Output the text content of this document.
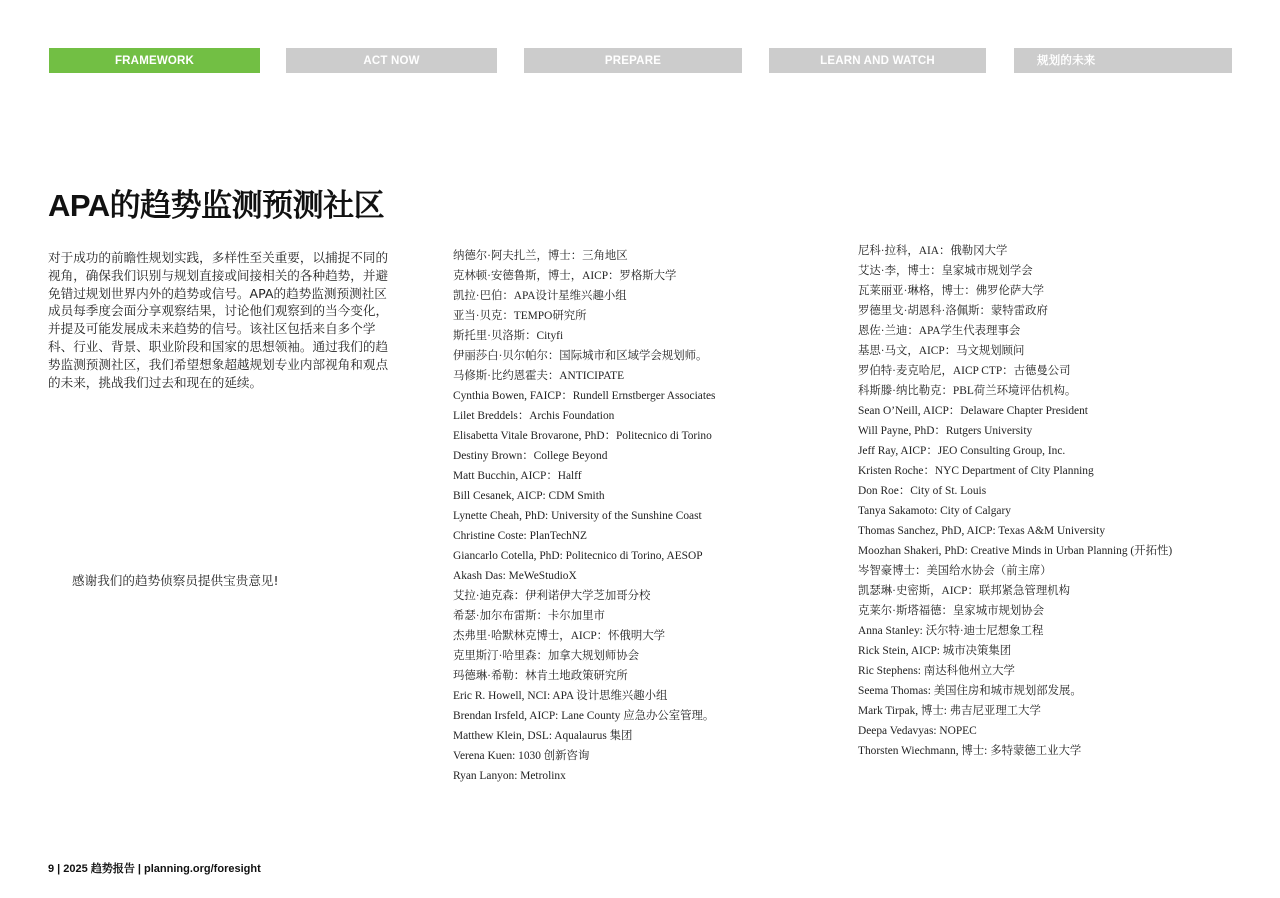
FRAMEWORK	ACT NOW	PREPARE	LEARN AND WATCH	规划的未来
APA的趋势监测预测社区

对于成功的前瞻性规划实践，多样性至关重要，以捕捉不同的视角，确保我们识别与规划直接或间接相关的各种趋势，并避免错过规划世界内外的趋势或信号。APA的趋势监测预测社区成员每季度会面分享观察结果，讨论他们观察到的当今变化，并提及可能发展成未来趋势的信号。该社区包括来自多个学科、行业、背景、职业阶段和国家的思想领袖。通过我们的趋势监测预测社区，我们希望想象超越规划专业内部视角和观点的未来，挑战我们过去和现在的延续。

感谢我们的趋势侦察员提供宝贵意见!

纳德尔·阿夫扎兰，博士：三角地区
克林顿·安德鲁斯，博士，AICP：罗格斯大学
凯拉·巴伯：APA设计星维兴趣小组
亚当·贝克：TEMPO研究所
斯托里·贝洛斯：Cityfi
伊丽莎白·贝尔帕尔：国际城市和区域学会规划师。
马修斯·比约恩霍夫：ANTICIPATE
Cynthia Bowen, FAICP：Rundell Ernstberger Associates
Lilet Breddels：Archis Foundation
Elisabetta Vitale Brovarone, PhD：Politecnico di Torino
Destiny Brown：College Beyond
Matt Bucchin, AICP：Halff
Bill Cesanek, AICP: CDM Smith
Lynette Cheah, PhD: University of the Sunshine Coast
Christine Coste: PlanTechNZ
Giancarlo Cotella, PhD: Politecnico di Torino, AESOP
Akash Das: MeWeStudioX
艾拉·迪克森：伊利诺伊大学芝加哥分校
希瑟·加尔布雷斯：卡尔加里市
杰弗里·哈默林克博士，AICP：怀俄明大学
克里斯汀·哈里森：加拿大规划师协会
玛德琳·希勒：林肯土地政策研究所
Eric R. Howell, NCI: APA 设计思维兴趣小组
Brendan Irsfeld, AICP: Lane County 应急办公室管理。
Matthew Klein, DSL: Aqualaurus 集团
Verena Kuen: 1030 创新咨询
Ryan Lanyon: Metrolinx
尼科·拉科，AIA：俄勒冈大学
艾达·李，博士：皇家城市规划学会
瓦莱丽亚·琳格，博士：佛罗伦萨大学
罗德里戈·胡恩科·洛佩斯：蒙特雷政府
恩佐·兰迪：APA学生代表理事会
基思·马文，AICP：马文规划顾问
罗伯特·麦克哈尼，AICP CTP：古德曼公司
科斯滕·纳比勒克：PBL荷兰环境评估机构。
Sean O’Neill, AICP：Delaware Chapter President
Will Payne, PhD：Rutgers University
Jeff Ray, AICP：JEO Consulting Group, Inc.
Kristen Roche：NYC Department of City Planning
Don Roe：City of St. Louis
Tanya Sakamoto: City of Calgary
Thomas Sanchez, PhD, AICP: Texas A&M University
Moozhan Shakeri, PhD: Creative Minds in Urban Planning (开拓性)
岑智豪博士：美国给水协会（前主席）
凯瑟琳·史密斯，AICP：联邦紧急管理机构
克莱尔·斯塔福德：皇家城市规划协会
Anna Stanley: 沃尔特·迪士尼想象工程
Rick Stein, AICP: 城市决策集团
Ric Stephens: 南达科他州立大学
Seema Thomas: 美国住房和城市规划部发展。
Mark Tirpak, 博士: 弗吉尼亚理工大学
Deepa Vedavyas: NOPEC
Thorsten Wiechmann, 博士: 多特蒙德工业大学

9 | 2025 趋势报告 | planning.org/foresight
